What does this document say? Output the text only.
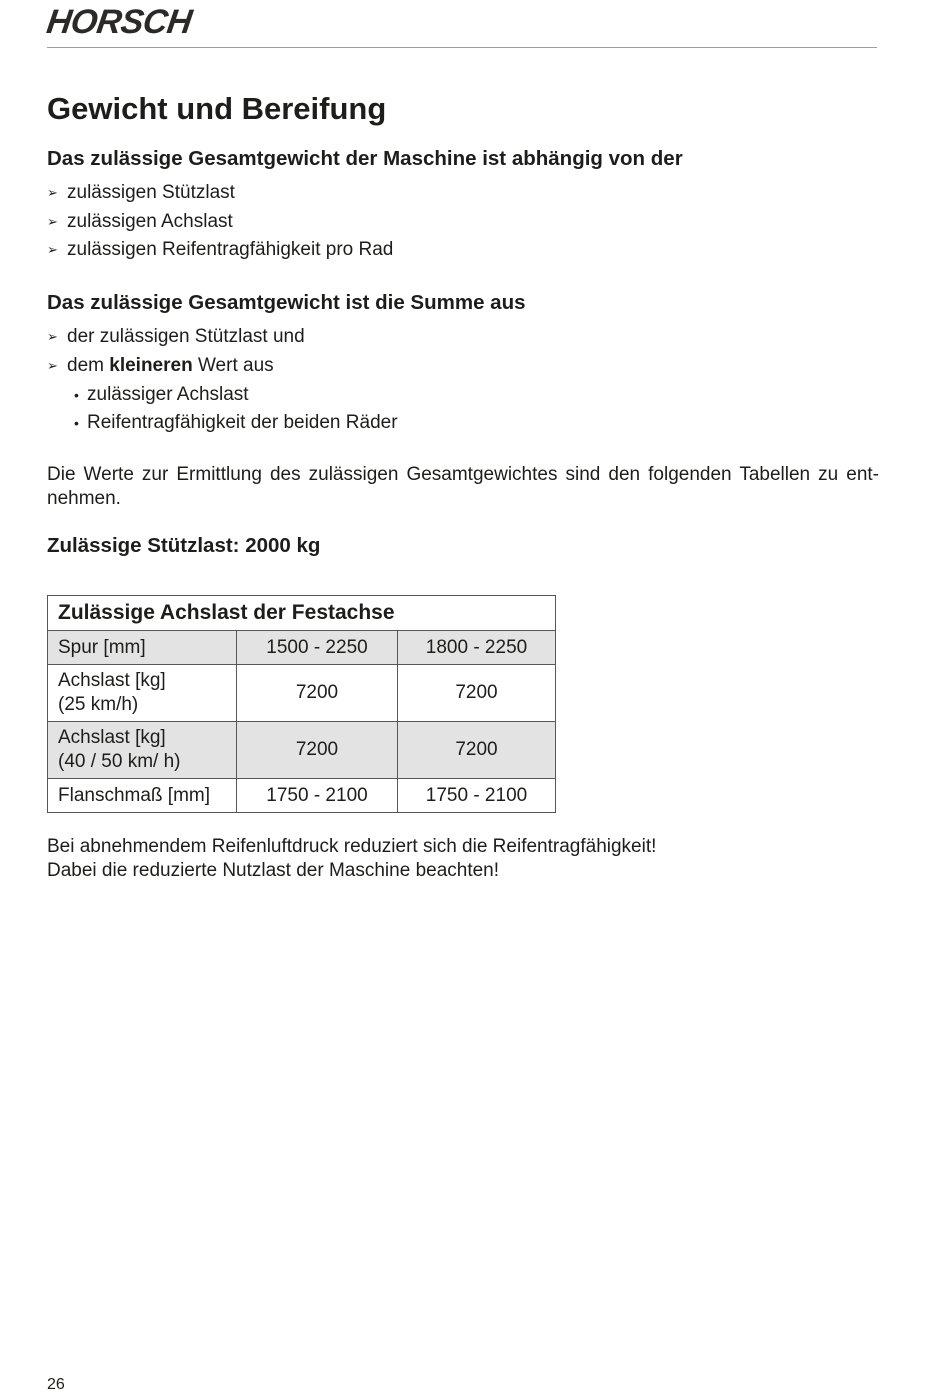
HORSCH
Gewicht und Bereifung
Das zulässige Gesamtgewicht der Maschine ist abhängig von der
➢ zulässigen Stützlast
➢ zulässigen Achslast
➢ zulässigen Reifentragfähigkeit pro Rad
Das zulässige Gesamtgewicht ist die Summe aus
➢ der zulässigen Stützlast und
➢ dem kleineren Wert aus
• zulässiger Achslast
• Reifentragfähigkeit der beiden Räder

Die Werte zur Ermittlung des zulässigen Gesamtgewichtes sind den folgenden Tabellen zu ent-nehmen.

Zulässige Stützlast: 2000 kg
Zulässige Achslast der Festachse		
Spur [mm]	1500 - 2250	1800 - 2250
Achslast [kg]
(25 km/h)	7200	7200
Achslast [kg]
(40 / 50 km/ h)	7200	7200
Flanschmaß [mm]	1750 - 2100	1750 - 2100

Bei abnehmendem Reifenluftdruck reduziert sich die Reifentragfähigkeit!

Dabei die reduzierte Nutzlast der Maschine beachten!

26
